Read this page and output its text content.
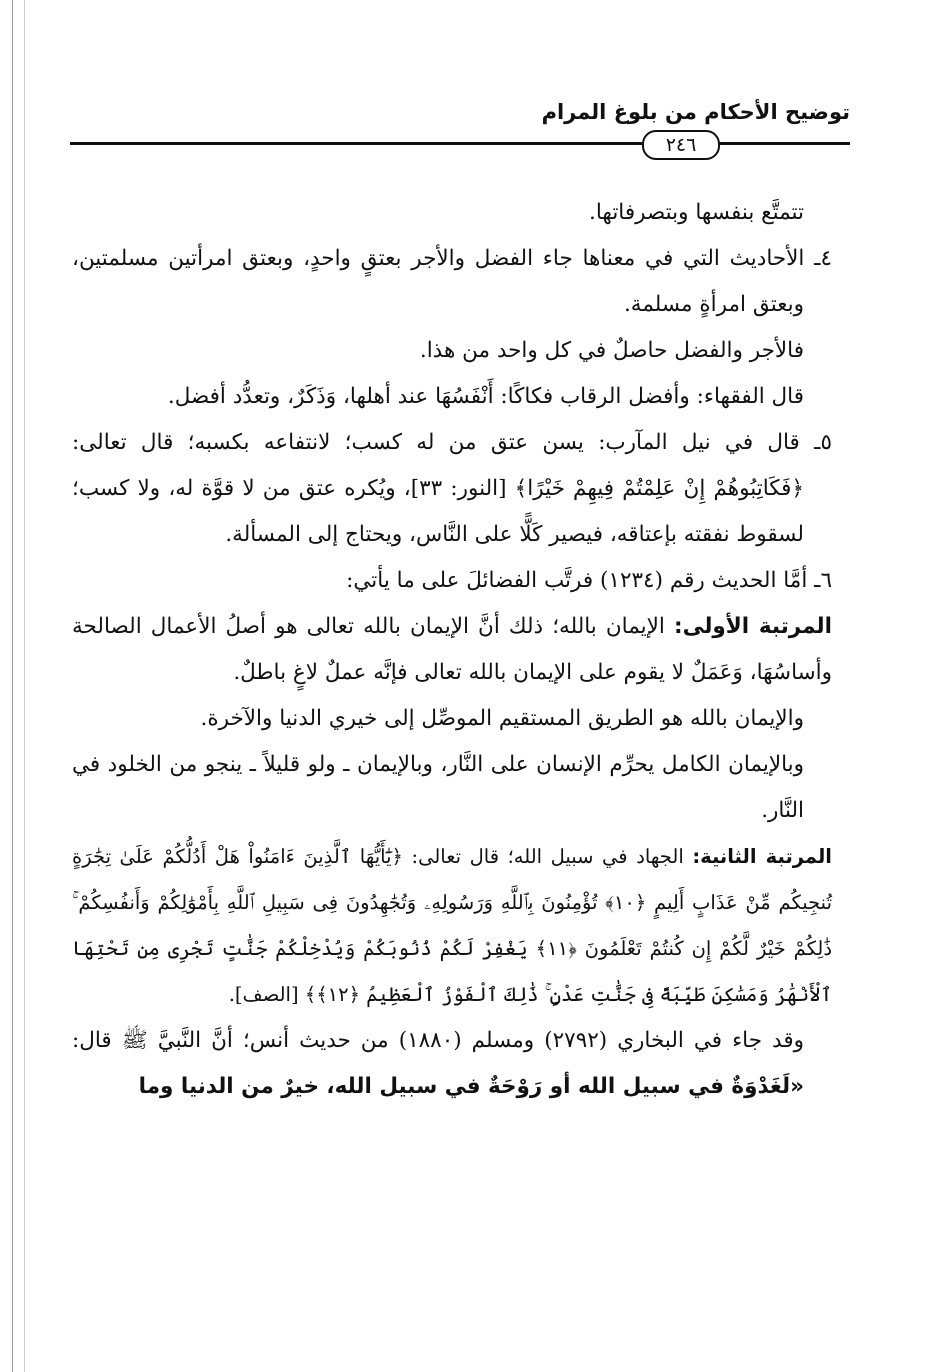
توضيح الأحكام من بلوغ المرام
٢٤٦

تتمتَّع بنفسها وبتصرفاتها.

٤ـ الأحاديث التي في معناها جاء الفضل والأجر بعتقٍ واحدٍ، وبعتق امرأتين مسلمتين، وبعتق امرأةٍ مسلمة.

فالأجر والفضل حاصلٌ في كل واحد من هذا.

قال الفقهاء: وأفضل الرقاب فكاكًا: أَنْفَسُهَا عند أهلها، وَذَكَرٌ، وتعدُّد أفضل.

٥ـ قال في نيل المآرب: يسن عتق من له كسب؛ لانتفاعه بكسبه؛ قال تعالى: ﴿فَكَاتِبُوهُمْ إِنْ عَلِمْتُمْ فِيهِمْ خَيْرًا﴾ [النور: ٣٣]، ويُكره عتق من لا قوَّة له، ولا كسب؛ لسقوط نفقته بإعتاقه، فيصير كَلًّا على النَّاس، ويحتاج إلى المسألة.

٦ـ أمَّا الحديث رقم (١٢٣٤) فرتَّب الفضائلَ على ما يأتي:

المرتبة الأولى: الإيمان بالله؛ ذلك أنَّ الإيمان بالله تعالى هو أصلُ الأعمال الصالحة وأساسُهَا، وَعَمَلٌ لا يقوم على الإيمان بالله تعالى فإنَّه عملٌ لاغٍ باطلٌ.

والإيمان بالله هو الطريق المستقيم الموصِّل إلى خيري الدنيا والآخرة.

وبالإيمان الكامل يحرِّم الإنسان على النَّار، وبالإيمان ـ ولو قليلاً ـ ينجو من الخلود في النَّار.

المرتبة الثانية: الجهاد في سبيل الله؛ قال تعالى: ﴿يَٰٓأَيُّهَا ٱلَّذِينَ ءَامَنُواْ هَلْ أَدُلُّكُمْ عَلَىٰ تِجَٰرَةٍ تُنجِيكُم مِّنْ عَذَابٍ أَلِيمٍ ﴿١٠﴾ تُؤْمِنُونَ بِٱللَّهِ وَرَسُولِهِۦ وَتُجَٰهِدُونَ فِى سَبِيلِ ٱللَّهِ بِأَمْوَٰلِكُمْ وَأَنفُسِكُمْ ۚ ذَٰلِكُمْ خَيْرٌ لَّكُمْ إِن كُنتُمْ تَعْلَمُونَ ﴿١١﴾ يَغْفِرْ لَكُمْ ذُنُوبَكُمْ وَيُدْخِلْكُمْ جَنَّٰتٍ تَجْرِى مِن تَحْتِهَا ٱلْأَنْهَٰرُ وَمَسَٰكِنَ طَيِّبَةً فِى جَنَّٰتِ عَدْنٍ ۚ ذَٰلِكَ ٱلْفَوْزُ ٱلْعَظِيمُ ﴿١٢﴾﴾ [الصف].

وقد جاء في البخاري (٢٧٩٢) ومسلم (١٨٨٠) من حديث أنس؛ أنَّ النَّبيَّ ﷺ قال: «لَغَدْوَةٌ في سبيل الله أو رَوْحَةٌ في سبيل الله، خيرٌ من الدنيا وما
